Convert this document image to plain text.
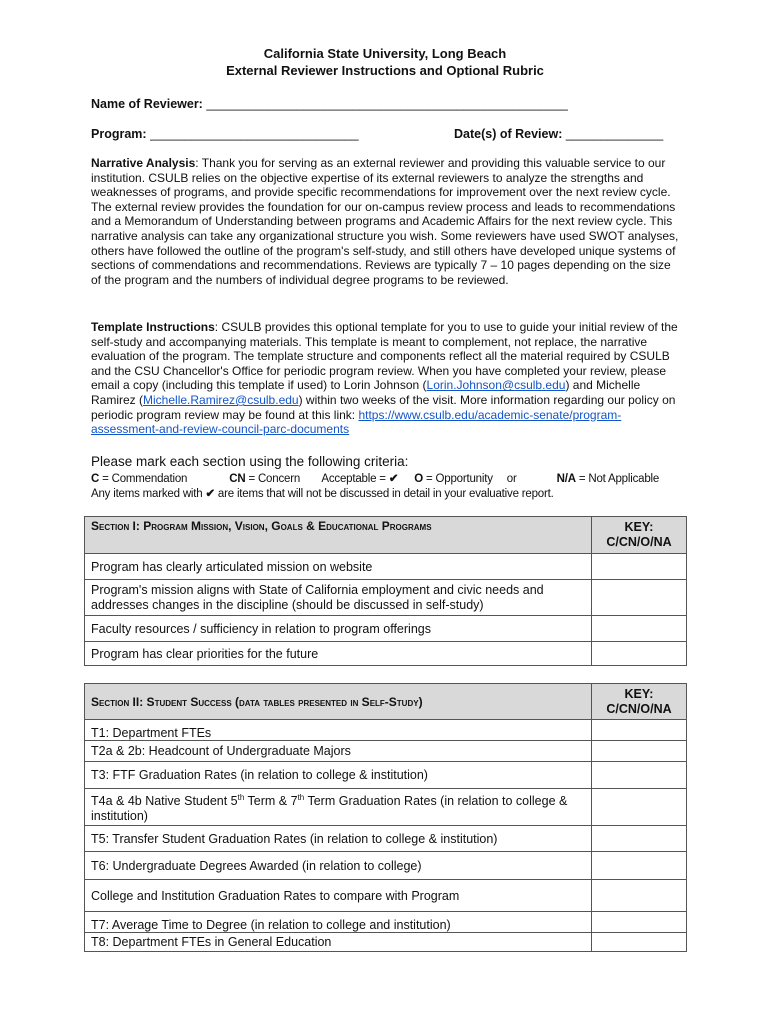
California State University, Long Beach
External Reviewer Instructions and Optional Rubric
Name of Reviewer: ____________________________________________________
Program: ______________________________	Date(s) of Review: ______________
Narrative Analysis: Thank you for serving as an external reviewer and providing this valuable service to our institution. CSULB relies on the objective expertise of its external reviewers to analyze the strengths and weaknesses of programs, and provide specific recommendations for improvement over the next review cycle. The external review provides the foundation for our on-campus review process and leads to recommendations and a Memorandum of Understanding between programs and Academic Affairs for the next review cycle. This narrative analysis can take any organizational structure you wish. Some reviewers have used SWOT analyses, others have followed the outline of the program's self-study, and still others have developed unique systems of sections of commendations and recommendations. Reviews are typically 7 – 10 pages depending on the size of the program and the numbers of individual degree programs to be reviewed.
Template Instructions: CSULB provides this optional template for you to use to guide your initial review of the self-study and accompanying materials. This template is meant to complement, not replace, the narrative evaluation of the program. The template structure and components reflect all the material required by CSULB and the CSU Chancellor's Office for periodic program review. When you have completed your review, please email a copy (including this template if used) to Lorin Johnson (Lorin.Johnson@csulb.edu) and Michelle Ramirez (Michelle.Ramirez@csulb.edu) within two weeks of the visit. More information regarding our policy on periodic program review may be found at this link: https://www.csulb.edu/academic-senate/program-assessment-and-review-council-parc-documents
Please mark each section using the following criteria:
C = Commendation	CN = Concern Acceptable = ✔ O = Opportunity or	N/A = Not Applicable
Any items marked with ✔ are items that will not be discussed in detail in your evaluative report.
Section I: Program Mission, Vision, Goals & Educational Programs	KEY:
C/CN/O/NA

Program has clearly articulated mission on website	
Program's mission aligns with State of California employment and civic needs and addresses changes in the discipline (should be discussed in self-study)	
Faculty resources / sufficiency in relation to program offerings	
Program has clear priorities for the future	
Section II: Student Success (data tables presented in Self-Study)	KEY:
C/CN/O/NA

T1: Department FTEs	
T2a & 2b: Headcount of Undergraduate Majors	
T3: FTF Graduation Rates (in relation to college & institution)	
T4a & 4b Native Student 5th Term & 7th Term Graduation Rates (in relation to college & institution)	
T5: Transfer Student Graduation Rates (in relation to college & institution)	
T6: Undergraduate Degrees Awarded (in relation to college)	
College and Institution Graduation Rates to compare with Program	
T7: Average Time to Degree (in relation to college and institution)	
T8: Department FTEs in General Education	
